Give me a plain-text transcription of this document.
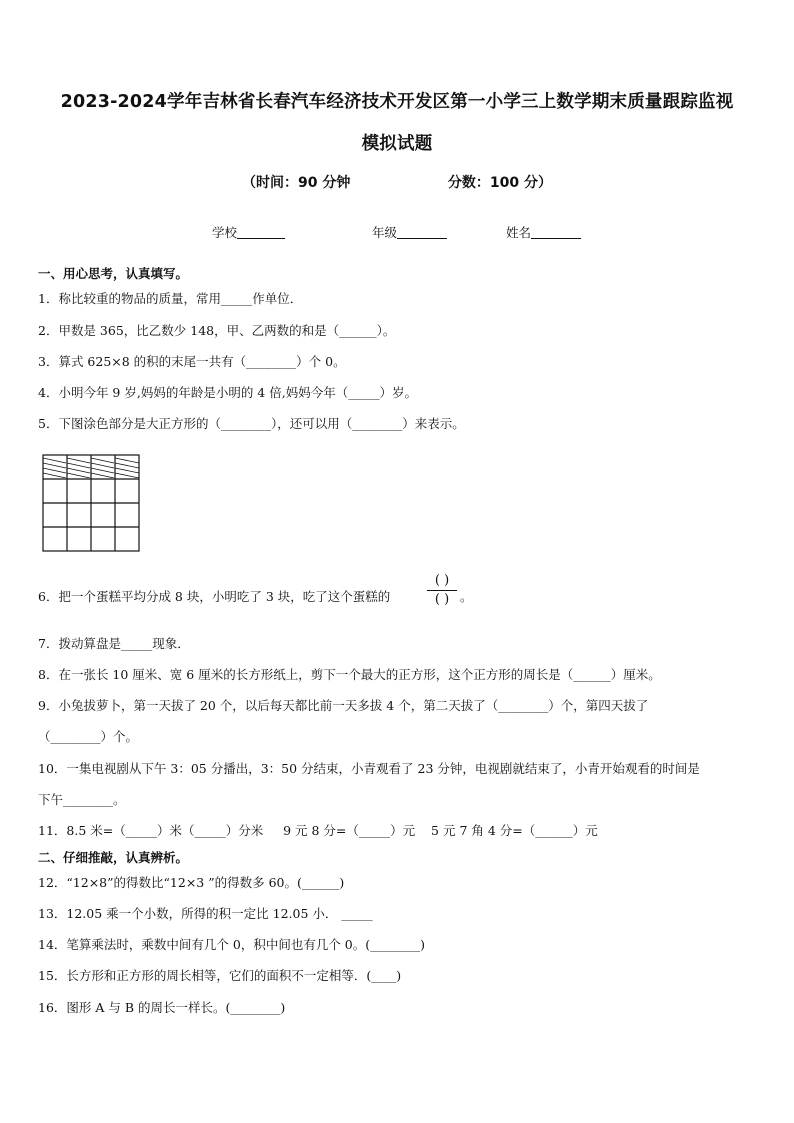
2023-2024学年吉林省长春汽车经济技术开发区第一小学三上数学期末质量跟踪监视
模拟试题
（时间：90 分钟	分数：100 分）
学校	年级	姓名
一、用心思考，认真填写。
1．称比较重的物品的质量，常用_____作单位．
2．甲数是 365，比乙数少 148，甲、乙两数的和是（______）。
3．算式 625×8 的积的末尾一共有（________）个 0。
4．小明今年 9 岁,妈妈的年龄是小明的 4 倍,妈妈今年（_____）岁。
5．下图涂色部分是大正方形的（________），还可以用（________）来表示。
6．把一个蛋糕平均分成 8 块，小明吃了 3 块，吃了这个蛋糕的
( )
( ) 。
7．拨动算盘是_____现象．
8．在一张长 10 厘米、宽 6 厘米的长方形纸上，剪下一个最大的正方形，这个正方形的周长是（______）厘米。
9．小兔拔萝卜，第一天拔了 20 个，以后每天都比前一天多拔 4 个，第二天拔了（________）个，第四天拔了
（________）个。
10．一集电视剧从下午 3：05 分播出，3：50 分结束，小青观看了 23 分钟，电视剧就结束了，小青开始观看的时间是
下午________。
11．8.5 米=（_____）米（_____）分米     9 元 8 分=（_____）元    5 元 7 角 4 分=（______）元
二、仔细推敲，认真辨析。
12．“12×8”的得数比“12×3 ”的得数多 60。(______)
13．12.05 乘一个小数，所得的积一定比 12.05 小． _____
14．笔算乘法时，乘数中间有几个 0，积中间也有几个 0。(________)
15．长方形和正方形的周长相等，它们的面积不一定相等．(____)
16．图形 A 与 B 的周长一样长。(________)
